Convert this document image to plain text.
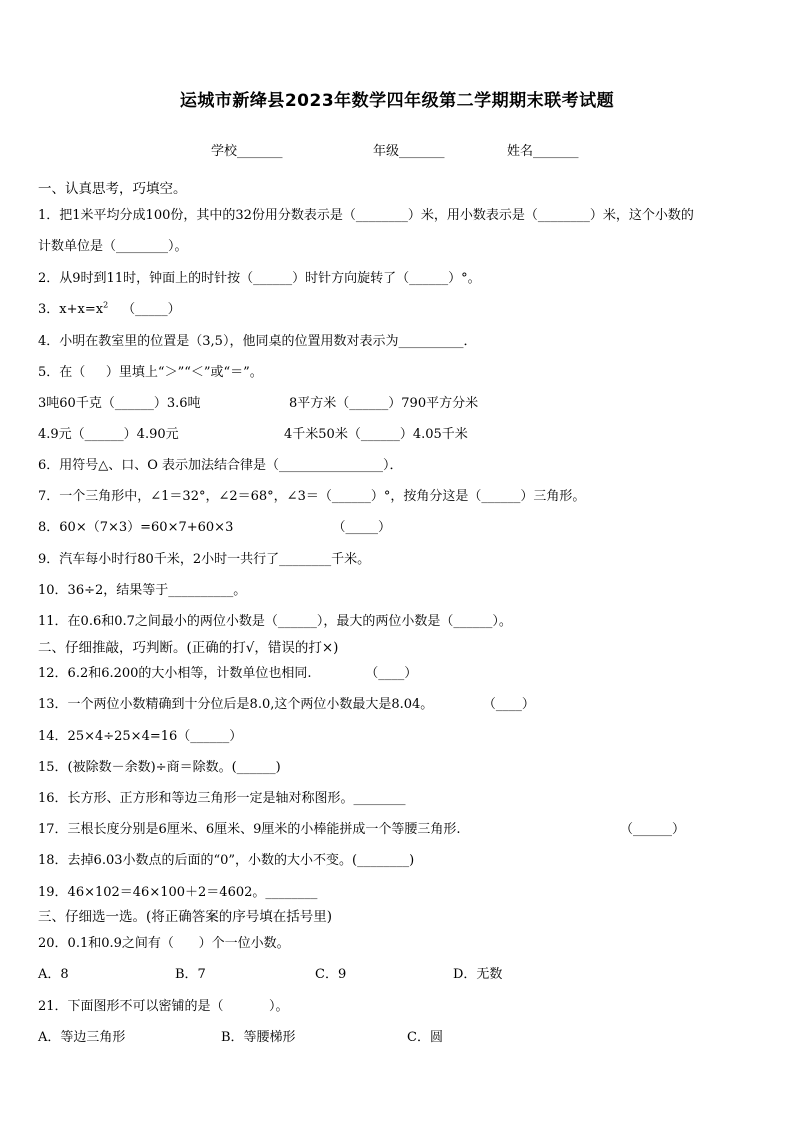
运城市新绛县2023年数学四年级第二学期期末联考试题
学校_______	年级_______	姓名_______
一、认真思考，巧填空。
1．把1米平均分成100份，其中的32份用分数表示是（________）米，用小数表示是（________）米，这个小数的
计数单位是（________）。
2．从9时到11时，钟面上的时针按（______）时针方向旋转了（______）°。
3．$x+x=x^2$ （_____）
4．小明在教室里的位置是（3,5），他同桌的位置用数对表示为__________．
5．在（     ）里填上“＞”“＜”或“＝”。
3吨60千克（______）3.6吨	8平方米（______）790平方分米
4.9元（______）4.90元	4千米50米（______）4.05千米
6．用符号△、口、O 表示加法结合律是（________________）．
7．一个三角形中，∠1＝32°，∠2＝68°，∠3＝（______）°，按角分这是（______）三角形。
8．60×（7×3）=60×7+60×3                        （_____）
9．汽车每小时行80千米，2小时一共行了________千米。
10．36÷2，结果等于__________。
11．在0.6和0.7之间最小的两位小数是（______），最大的两位小数是（______）。
二、仔细推敲，巧判断。(正确的打√，错误的打×)
12．6.2和6.200的大小相等，计数单位也相同.             （____）
13．一个两位小数精确到十分位后是8.0,这个两位小数最大是8.04。            （____）
14．25×4÷25×4=16（______）
15．(被除数－余数)÷商＝除数。(______)
16．长方形、正方形和等边三角形一定是轴对称图形。________
17．三根长度分别是6厘米、6厘米、9厘米的小棒能拼成一个等腰三角形.	（______）
18．去掉6.03小数点的后面的“0”，小数的大小不变。(________)
19．46×102＝46×100＋2＝4602。________
三、仔细选一选。(将正确答案的序号填在括号里)
20．0.1和0.9之间有（      ）个一位小数。
A．8	B．7	C．9	D．无数
21．下面图形不可以密铺的是（           ）。
A．等边三角形	B．等腰梯形	C．圆
